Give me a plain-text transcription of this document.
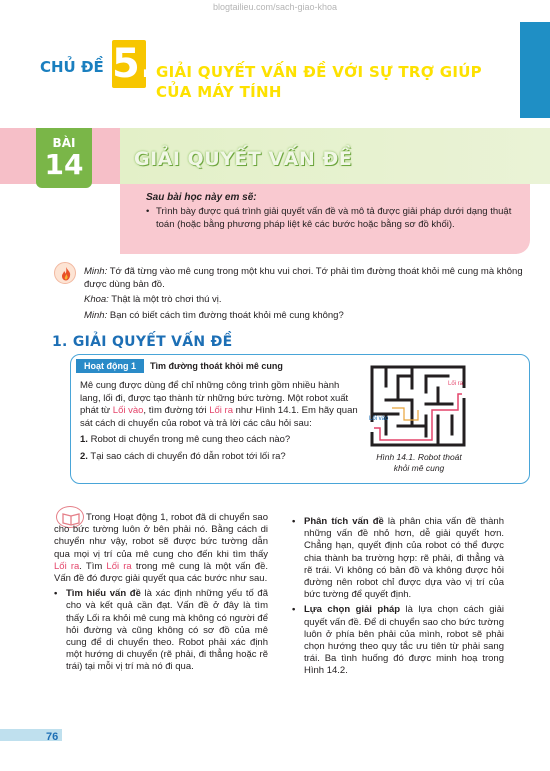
blogtailieu.com/sach-giao-khoa
CHỦ ĐỀ 5. GIẢI QUYẾT VẤN ĐỀ VỚI SỰ TRỢ GIÚP
CỦA MÁY TÍNH
BÀI
14	GIẢI QUYẾT VẤN ĐỀ
Sau bài học này em sẽ:
• Trình bày được quá trình giải quyết vấn đề và mô tả được giải pháp dưới dạng thuật toán (hoặc bằng phương pháp liệt kê các bước hoặc bằng sơ đồ khối).

Minh: Tớ đã từng vào mê cung trong một khu vui chơi. Tớ phải tìm đường thoát khỏi mê cung mà không được dùng bản đồ.

Khoa: Thật là một trò chơi thú vị.

Minh: Bạn có biết cách tìm đường thoát khỏi mê cung không?

1. GIẢI QUYẾT VẤN ĐỀ
Hoạt động 1	Tìm đường thoát khỏi mê cung
Mê cung được dùng để chỉ những công trình gồm nhiều hành lang, lối đi, được tạo thành từ những bức tường. Một robot xuất phát từ Lối vào, tìm đường tới Lối ra như Hình 14.1. Em hãy quan sát cách di chuyển của robot và trả lời các câu hỏi sau:
1. Robot di chuyển trong mê cung theo cách nào?
2. Tại sao cách di chuyển đó dẫn robot tới lối ra?
Lối ra
Lối vào
Hình 14.1. Robot thoát
khỏi mê cung

Trong Hoạt động 1, robot đã di chuyển sao cho bức tường luôn ở bên phải nó. Bằng cách di chuyển như vậy, robot sẽ được bức tường dẫn qua mọi vị trí của mê cung cho đến khi tìm thấy Lối ra. Tìm Lối ra trong mê cung là một vấn đề. Vấn đề đó được giải quyết qua các bước như sau.

• Tìm hiểu vấn đề là xác định những yếu tố đã cho và kết quả cần đạt. Vấn đề ở đây là tìm thấy Lối ra khỏi mê cung mà không có người để hỏi đường và cũng không có sơ đồ của mê cung để di chuyển theo. Robot phải xác định một hướng di chuyển (rẽ phải, đi thẳng hoặc rẽ trái) tại mỗi vị trí mà nó đi qua.

• Phân tích vấn đề là phân chia vấn đề thành những vấn đề nhỏ hơn, dễ giải quyết hơn. Chẳng hạn, quyết định của robot có thể được chia thành ba trường hợp: rẽ phải, đi thẳng và rẽ trái. Vì không có bản đồ và không được hỏi đường nên robot chỉ được dựa vào vị trí của bức tường để quyết định.

• Lựa chọn giải pháp là lựa chọn cách giải quyết vấn đề. Để di chuyển sao cho bức tường luôn ở phía bên phải của mình, robot sẽ phải chọn hướng theo quy tắc ưu tiên từ phải sang trái. Ba tình huống đó được minh hoạ trong Hình 14.2.

76
